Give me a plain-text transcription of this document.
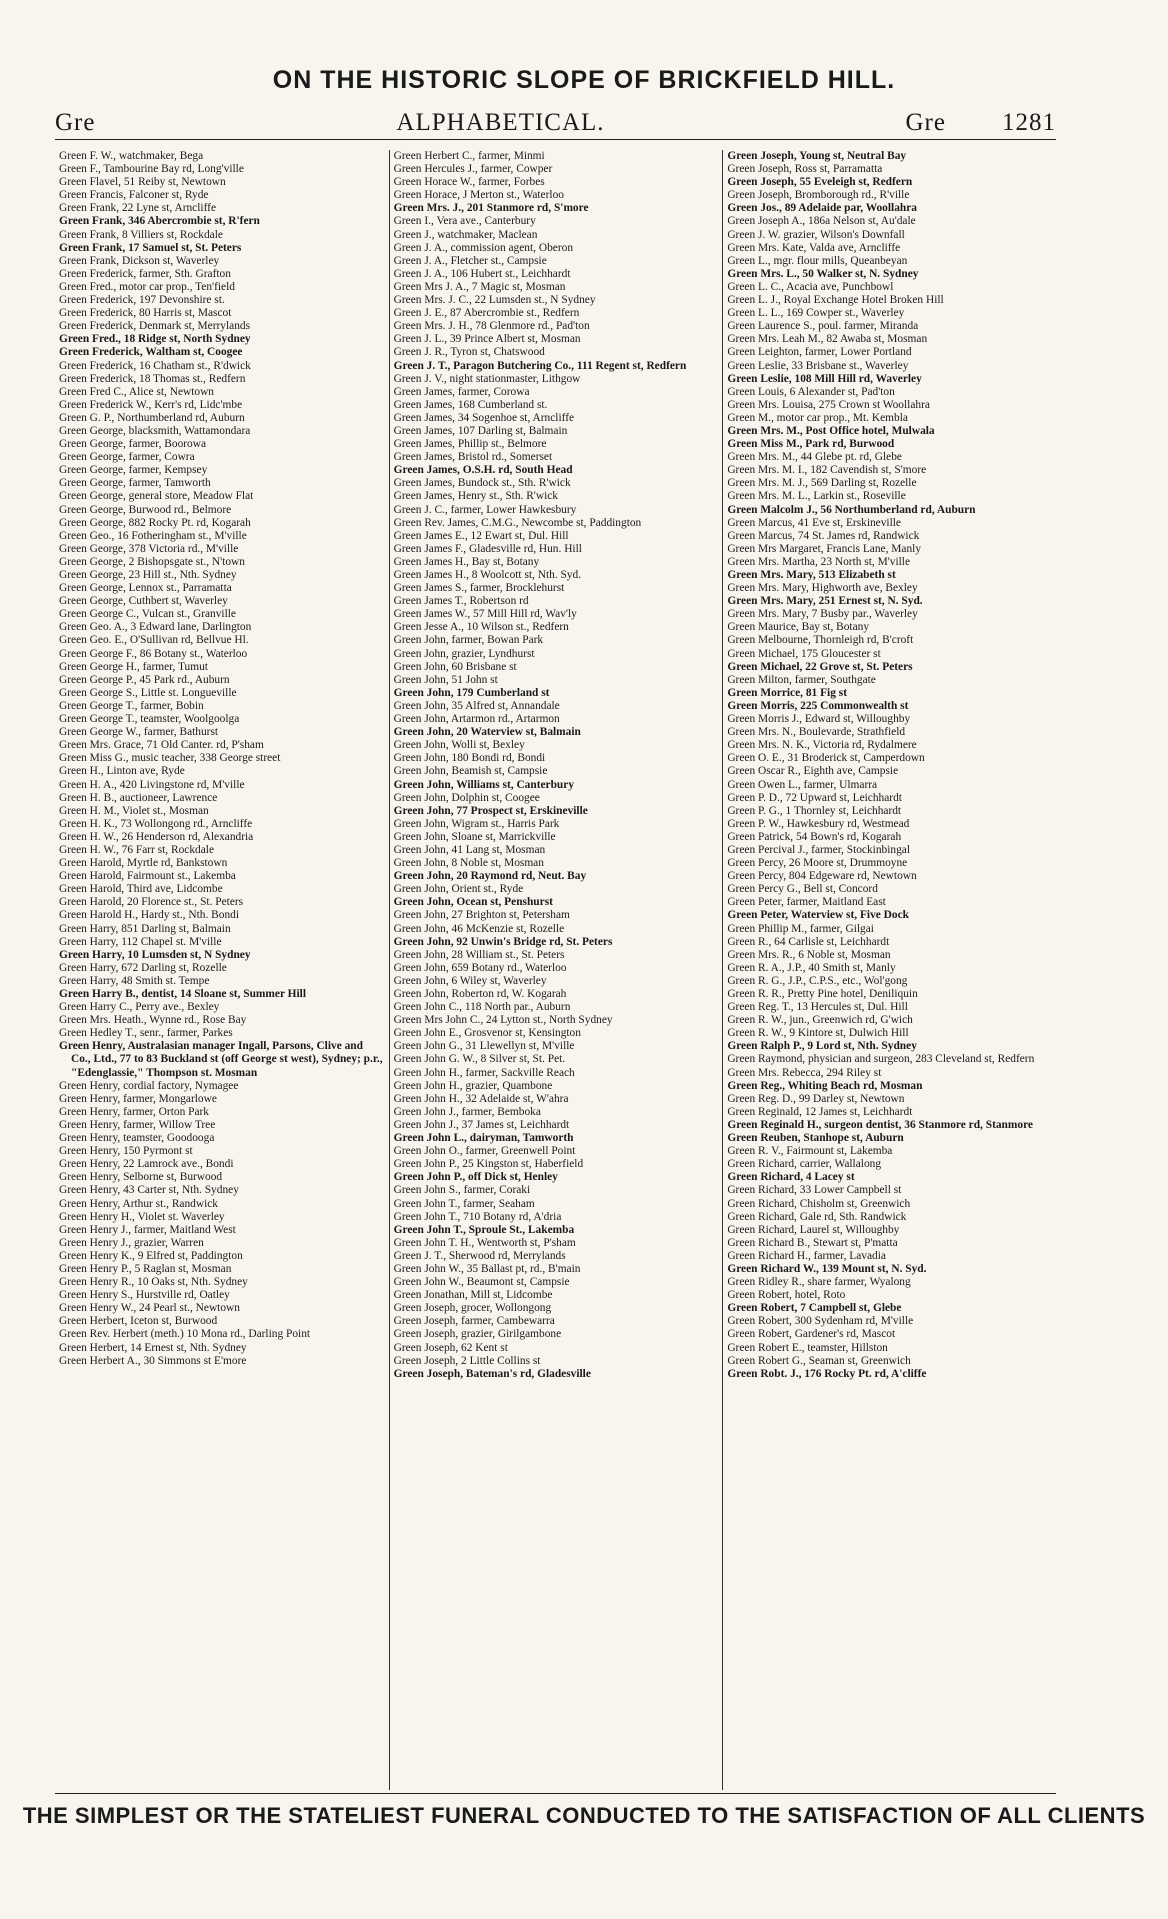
ON THE HISTORIC SLOPE OF BRICKFIELD HILL.
Gre	ALPHABETICAL.	Gre 1281
Green F. W., watchmaker, Bega
Green F., Tambourine Bay rd, Long'ville
Green Flavel, 51 Reiby st, Newtown
Green Francis, Falconer st, Ryde
Green Frank, 22 Lyne st, Arncliffe
Green Frank, 346 Abercrombie st, R'fern
Green Frank, 8 Villiers st, Rockdale
Green Frank, 17 Samuel st, St. Peters
Green Frank, Dickson st, Waverley
Green Frederick, farmer, Sth. Grafton
Green Fred., motor car prop., Ten'field
Green Frederick, 197 Devonshire st.
Green Frederick, 80 Harris st, Mascot
Green Frederick, Denmark st, Merrylands
Green Fred., 18 Ridge st, North Sydney
Green Frederick, Waltham st, Coogee
Green Frederick, 16 Chatham st., R'dwick
Green Frederick, 18 Thomas st., Redfern
Green Fred C., Alice st, Newtown
Green Frederick W., Kerr's rd, Lidc'mbe
Green G. P., Northumberland rd, Auburn
Green George, blacksmith, Wattamondara
Green George, farmer, Boorowa
Green George, farmer, Cowra
Green George, farmer, Kempsey
Green George, farmer, Tamworth
Green George, general store, Meadow Flat
Green George, Burwood rd., Belmore
Green George, 882 Rocky Pt. rd, Kogarah
Green Geo., 16 Fotheringham st., M'ville
Green George, 378 Victoria rd., M'ville
Green George, 2 Bishopsgate st., N'town
Green George, 23 Hill st., Nth. Sydney
Green George, Lennox st., Parramatta
Green George, Cuthbert st, Waverley
Green George C., Vulcan st., Granville
Green Geo. A., 3 Edward lane, Darlington
Green Geo. E., O'Sullivan rd, Bellvue Hl.
Green George F., 86 Botany st., Waterloo
Green George H., farmer, Tumut
Green George P., 45 Park rd., Auburn
Green George S., Little st. Longueville
Green George T., farmer, Bobin
Green George T., teamster, Woolgoolga
Green George W., farmer, Bathurst
Green Mrs. Grace, 71 Old Canter. rd, P'sham
Green Miss G., music teacher, 338 George street
Green H., Linton ave, Ryde
Green H. A., 420 Livingstone rd, M'ville
Green H. B., auctioneer, Lawrence
Green H. M., Violet st., Mosman
Green H. K., 73 Wollongong rd., Arncliffe
Green H. W., 26 Henderson rd, Alexandria
Green H. W., 76 Farr st, Rockdale
Green Harold, Myrtle rd, Bankstown
Green Harold, Fairmount st., Lakemba
Green Harold, Third ave, Lidcombe
Green Harold, 20 Florence st., St. Peters
Green Harold H., Hardy st., Nth. Bondi
Green Harry, 851 Darling st, Balmain
Green Harry, 112 Chapel st. M'ville
Green Harry, 10 Lumsden st, N Sydney
Green Harry, 672 Darling st, Rozelle
Green Harry, 48 Smith st. Tempe
Green Harry B., dentist, 14 Sloane st, Summer Hill
Green Harry C., Perry ave., Bexley
Green Mrs. Heath., Wynne rd., Rose Bay
Green Hedley T., senr., farmer, Parkes
Green Henry, Australasian manager Ingall, Parsons, Clive and Co., Ltd., 77 to 83 Buckland st (off George st west), Sydney; p.r., "Edenglassie," Thompson st. Mosman
Green Henry, cordial factory, Nymagee
Green Henry, farmer, Mongarlowe
Green Henry, farmer, Orton Park
Green Henry, farmer, Willow Tree
Green Henry, teamster, Goodooga
Green Henry, 150 Pyrmont st
Green Henry, 22 Lamrock ave., Bondi
Green Henry, Selborne st, Burwood
Green Henry, 43 Carter st, Nth. Sydney
Green Henry, Arthur st., Randwick
Green Henry H., Violet st. Waverley
Green Henry J., farmer, Maitland West
Green Henry J., grazier, Warren
Green Henry K., 9 Elfred st, Paddington
Green Henry P., 5 Raglan st, Mosman
Green Henry R., 10 Oaks st, Nth. Sydney
Green Henry S., Hurstville rd, Oatley
Green Henry W., 24 Pearl st., Newtown
Green Herbert, Iceton st, Burwood
Green Rev. Herbert (meth.) 10 Mona rd., Darling Point
Green Herbert, 14 Ernest st, Nth. Sydney
Green Herbert A., 30 Simmons st E'more
Green Herbert C., farmer, Minmi
Green Hercules J., farmer, Cowper
Green Horace W., farmer, Forbes
Green Horace, J Merton st., Waterloo
Green Mrs. J., 201 Stanmore rd, S'more
Green I., Vera ave., Canterbury
Green J., watchmaker, Maclean
Green J. A., commission agent, Oberon
Green J. A., Fletcher st., Campsie
Green J. A., 106 Hubert st., Leichhardt
Green Mrs J. A., 7 Magic st, Mosman
Green Mrs. J. C., 22 Lumsden st., N Sydney
Green J. E., 87 Abercrombie st., Redfern
Green Mrs. J. H., 78 Glenmore rd., Pad'ton
Green J. L., 39 Prince Albert st, Mosman
Green J. R., Tyron st, Chatswood
Green J. T., Paragon Butchering Co., 111 Regent st, Redfern
Green J. V., night stationmaster, Lithgow
Green James, farmer, Corowa
Green James, 168 Cumberland st.
Green James, 34 Sogenhoe st, Arncliffe
Green James, 107 Darling st, Balmain
Green James, Phillip st., Belmore
Green James, Bristol rd., Somerset
Green James, O.S.H. rd, South Head
Green James, Bundock st., Sth. R'wick
Green James, Henry st., Sth. R'wick
Green J. C., farmer, Lower Hawkesbury
Green Rev. James, C.M.G., Newcombe st, Paddington
Green James E., 12 Ewart st, Dul. Hill
Green James F., Gladesville rd, Hun. Hill
Green James H., Bay st, Botany
Green James H., 8 Woolcott st, Nth. Syd.
Green James S., farmer, Brocklehurst
Green James T., Robertson rd
Green James W., 57 Mill Hill rd, Wav'ly
Green Jesse A., 10 Wilson st., Redfern
Green John, farmer, Bowan Park
Green John, grazier, Lyndhurst
Green John, 60 Brisbane st
Green John, 51 John st
Green John, 179 Cumberland st
Green John, 35 Alfred st, Annandale
Green John, Artarmon rd., Artarmon
Green John, 20 Waterview st, Balmain
Green John, Wolli st, Bexley
Green John, 180 Bondi rd, Bondi
Green John, Beamish st, Campsie
Green John, Williams st, Canterbury
Green John, Dolphin st, Coogee
Green John, 77 Prospect st, Erskineville
Green John, Wigram st., Harris Park
Green John, Sloane st, Marrickville
Green John, 41 Lang st, Mosman
Green John, 8 Noble st, Mosman
Green John, 20 Raymond rd, Neut. Bay
Green John, Orient st., Ryde
Green John, Ocean st, Penshurst
Green John, 27 Brighton st, Petersham
Green John, 46 McKenzie st, Rozelle
Green John, 92 Unwin's Bridge rd, St. Peters
Green John, 28 William st., St. Peters
Green John, 659 Botany rd., Waterloo
Green John, 6 Wiley st, Waverley
Green John, Roberton rd, W. Kogarah
Green John C., 118 North par., Auburn
Green Mrs John C., 24 Lytton st., North Sydney
Green John E., Grosvenor st, Kensington
Green John G., 31 Llewellyn st, M'ville
Green John G. W., 8 Silver st, St. Pet.
Green John H., farmer, Sackville Reach
Green John H., grazier, Quambone
Green John H., 32 Adelaide st, W'ahra
Green John J., farmer, Bemboka
Green John J., 37 James st, Leichhardt
Green John L., dairyman, Tamworth
Green John O., farmer, Greenwell Point
Green John P., 25 Kingston st, Haberfield
Green John P., off Dick st, Henley
Green John S., farmer, Coraki
Green John T., farmer, Seaham
Green John T., 710 Botany rd, A'dria
Green John T., Sproule St., Lakemba
Green John T. H., Wentworth st, P'sham
Green J. T., Sherwood rd, Merrylands
Green John W., 35 Ballast pt, rd., B'main
Green John W., Beaumont st, Campsie
Green Jonathan, Mill st, Lidcombe
Green Joseph, grocer, Wollongong
Green Joseph, farmer, Cambewarra
Green Joseph, grazier, Girilgambone
Green Joseph, 62 Kent st
Green Joseph, 2 Little Collins st
Green Joseph, Bateman's rd, Gladesville
Green Joseph, Young st, Neutral Bay
Green Joseph, Ross st, Parramatta
Green Joseph, 55 Eveleigh st, Redfern
Green Joseph, Bromborough rd., R'ville
Green Jos., 89 Adelaide par, Woollahra
Green Joseph A., 186a Nelson st, Au'dale
Green J. W. grazier, Wilson's Downfall
Green Mrs. Kate, Valda ave, Arncliffe
Green L., mgr. flour mills, Queanbeyan
Green Mrs. L., 50 Walker st, N. Sydney
Green L. C., Acacia ave, Punchbowl
Green L. J., Royal Exchange Hotel Broken Hill
Green L. L., 169 Cowper st., Waverley
Green Laurence S., poul. farmer, Miranda
Green Mrs. Leah M., 82 Awaba st, Mosman
Green Leighton, farmer, Lower Portland
Green Leslie, 33 Brisbane st., Waverley
Green Leslie, 108 Mill Hill rd, Waverley
Green Louis, 6 Alexander st, Pad'ton
Green Mrs. Louisa, 275 Crown st Woollahra
Green M., motor car prop., Mt. Kembla
Green Mrs. M., Post Office hotel, Mulwala
Green Miss M., Park rd, Burwood
Green Mrs. M., 44 Glebe pt. rd, Glebe
Green Mrs. M. I., 182 Cavendish st, S'more
Green Mrs. M. J., 569 Darling st, Rozelle
Green Mrs. M. L., Larkin st., Roseville
Green Malcolm J., 56 Northumberland rd, Auburn
Green Marcus, 41 Eve st, Erskineville
Green Marcus, 74 St. James rd, Randwick
Green Mrs Margaret, Francis Lane, Manly
Green Mrs. Martha, 23 North st, M'ville
Green Mrs. Mary, 513 Elizabeth st
Green Mrs. Mary, Highworth ave, Bexley
Green Mrs. Mary, 251 Ernest st, N. Syd.
Green Mrs. Mary, 7 Busby par., Waverley
Green Maurice, Bay st, Botany
Green Melbourne, Thornleigh rd, B'croft
Green Michael, 175 Gloucester st
Green Michael, 22 Grove st, St. Peters
Green Milton, farmer, Southgate
Green Morrice, 81 Fig st
Green Morris, 225 Commonwealth st
Green Morris J., Edward st, Willoughby
Green Mrs. N., Boulevarde, Strathfield
Green Mrs. N. K., Victoria rd, Rydalmere
Green O. E., 31 Broderick st, Camperdown
Green Oscar R., Eighth ave, Campsie
Green Owen L., farmer, Ulmarra
Green P. D., 72 Upward st, Leichhardt
Green P. G., 1 Thornley st, Leichhardt
Green P. W., Hawkesbury rd, Westmead
Green Patrick, 54 Bown's rd, Kogarah
Green Percival J., farmer, Stockinbingal
Green Percy, 26 Moore st, Drummoyne
Green Percy, 804 Edgeware rd, Newtown
Green Percy G., Bell st, Concord
Green Peter, farmer, Maitland East
Green Peter, Waterview st, Five Dock
Green Phillip M., farmer, Gilgai
Green R., 64 Carlisle st, Leichhardt
Green Mrs. R., 6 Noble st, Mosman
Green R. A., J.P., 40 Smith st, Manly
Green R. G., J.P., C.P.S., etc., Wol'gong
Green R. R., Pretty Pine hotel, Deniliquin
Green Reg. T., 13 Hercules st, Dul. Hill
Green R. W., jun., Greenwich rd, G'wich
Green R. W., 9 Kintore st, Dulwich Hill
Green Ralph P., 9 Lord st, Nth. Sydney
Green Raymond, physician and surgeon, 283 Cleveland st, Redfern
Green Mrs. Rebecca, 294 Riley st
Green Reg., Whiting Beach rd, Mosman
Green Reg. D., 99 Darley st, Newtown
Green Reginald, 12 James st, Leichhardt
Green Reginald H., surgeon dentist, 36 Stanmore rd, Stanmore
Green Reuben, Stanhope st, Auburn
Green R. V., Fairmount st, Lakemba
Green Richard, carrier, Wallalong
Green Richard, 4 Lacey st
Green Richard, 33 Lower Campbell st
Green Richard, Chisholm st, Greenwich
Green Richard, Gale rd, Sth. Randwick
Green Richard, Laurel st, Willoughby
Green Richard B., Stewart st, P'matta
Green Richard H., farmer, Lavadia
Green Richard W., 139 Mount st, N. Syd.
Green Ridley R., share farmer, Wyalong
Green Robert, hotel, Roto
Green Robert, 7 Campbell st, Glebe
Green Robert, 300 Sydenham rd, M'ville
Green Robert, Gardener's rd, Mascot
Green Robert E., teamster, Hillston
Green Robert G., Seaman st, Greenwich
Green Robt. J., 176 Rocky Pt. rd, A'cliffe
THE SIMPLEST OR THE STATELIEST FUNERAL CONDUCTED TO THE SATISFACTION OF ALL CLIENTS
